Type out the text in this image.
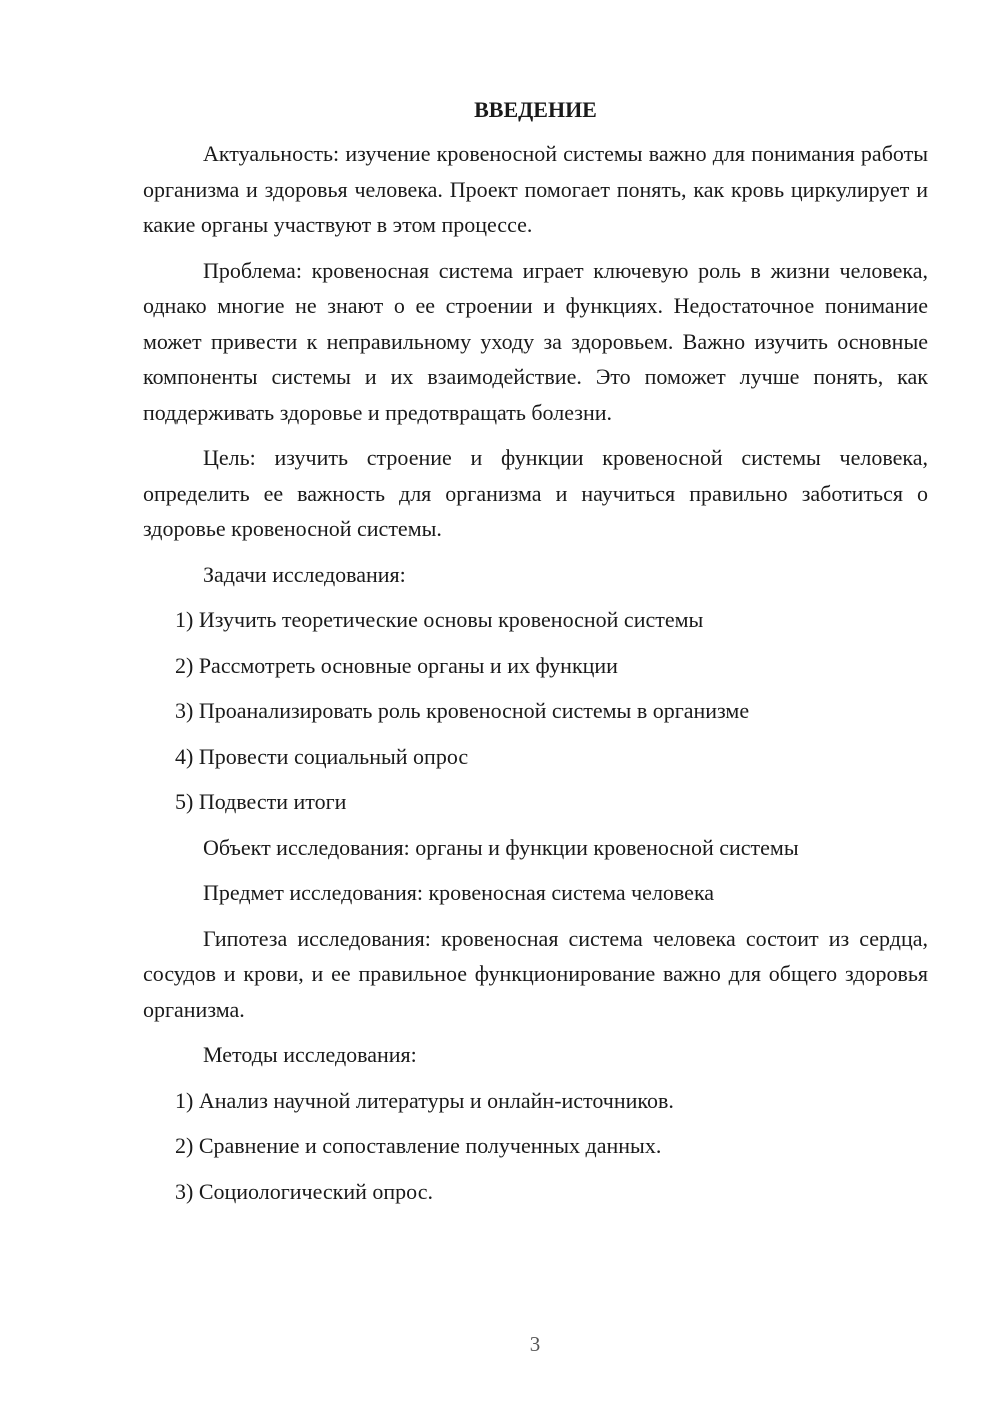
ВВЕДЕНИЕ

Актуальность: изучение кровеносной системы важно для понимания работы организма и здоровья человека. Проект помогает понять, как кровь циркулирует и какие органы участвуют в этом процессе.

Проблема: кровеносная система играет ключевую роль в жизни человека, однако многие не знают о ее строении и функциях. Недостаточное понимание может привести к неправильному уходу за здоровьем. Важно изучить основные компоненты системы и их взаимодействие. Это поможет лучше понять, как поддерживать здоровье и предотвращать болезни.

Цель: изучить строение и функции кровеносной системы человека, определить ее важность для организма и научиться правильно заботиться о здоровье кровеносной системы.

Задачи исследования:

1) Изучить теоретические основы кровеносной системы

2) Рассмотреть основные органы и их функции

3) Проанализировать роль кровеносной системы в организме

4) Провести социальный опрос

5) Подвести итоги

Объект исследования: органы и функции кровеносной системы

Предмет исследования: кровеносная система человека

Гипотеза исследования: кровеносная система человека состоит из сердца, сосудов и крови, и ее правильное функционирование важно для общего здоровья организма.

Методы исследования:

1) Анализ научной литературы и онлайн-источников.

2) Сравнение и сопоставление полученных данных.

3) Социологический опрос.

3
